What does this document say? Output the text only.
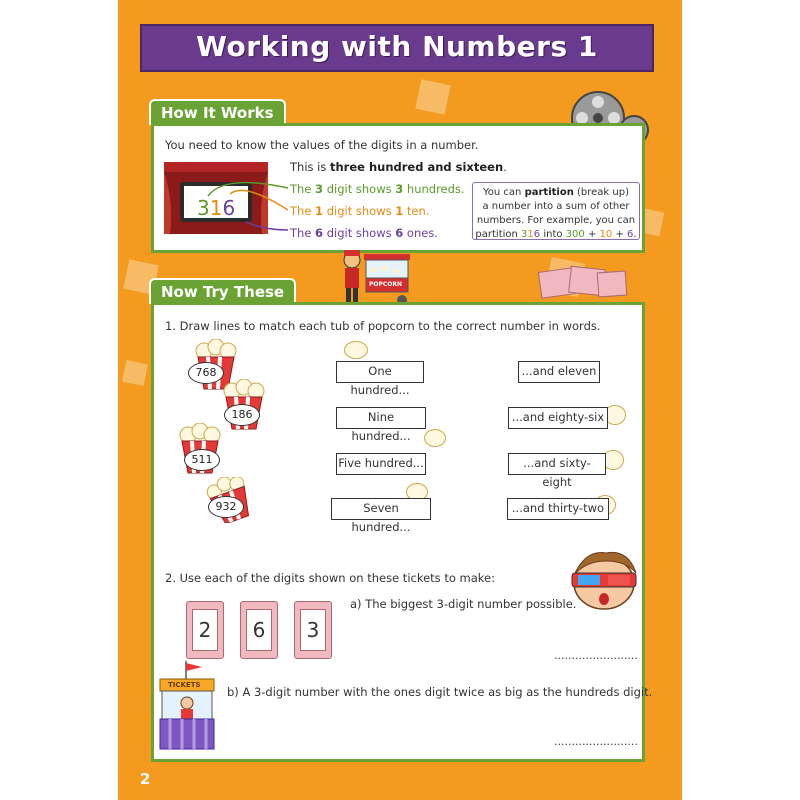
Working with Numbers 1
How It Works
You need to know the values of the digits in a number.
316
This is three hundred and sixteen.
The 3 digit shows 3 hundreds.
The 1 digit shows 1 ten.
The 6 digit shows 6 ones.
You can partition (break up)
a number into a sum of other
numbers. For example, you can
partition 316 into 300 + 10 + 6.
POPCORN
Now Try These
1. Draw lines to match each tub of popcorn to the correct number in words.
768
186
511
932
One hundred...
Nine hundred...
Five hundred...
Seven hundred...
...and eleven
...and eighty-six
...and sixty-eight
...and thirty-two
2. Use each of the digits shown on these tickets to make:
2	6	3
a) The biggest 3-digit number possible.
........................
TICKETS b) A 3-digit number with the ones digit twice as big as the hundreds digit.
........................
2
